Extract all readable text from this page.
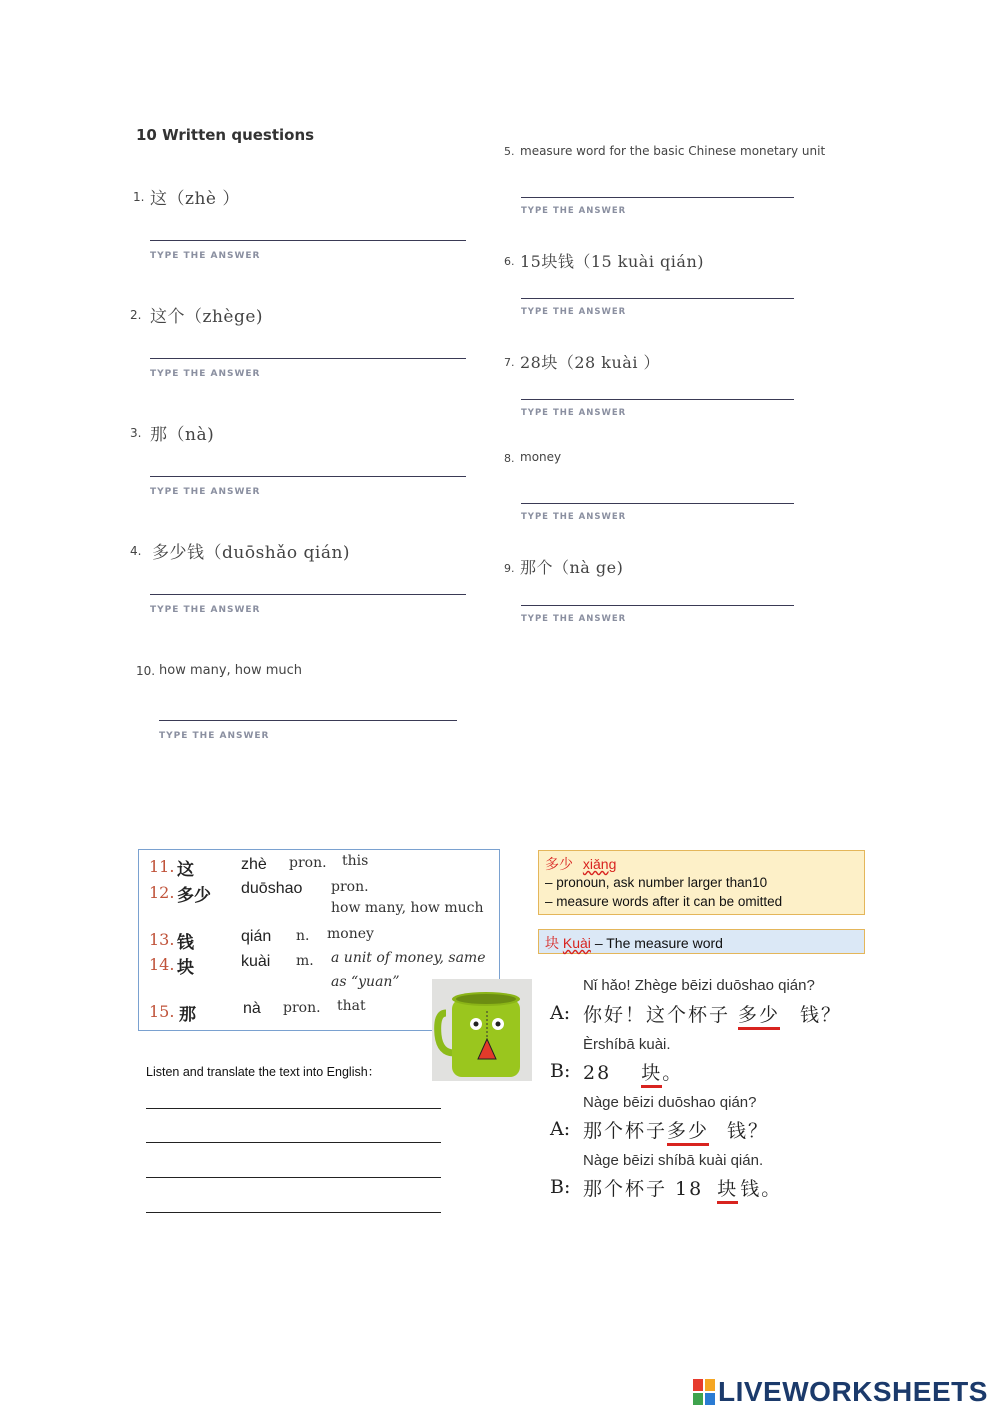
10 Written questions
1. 这（zhè ）
TYPE THE ANSWER
2. 这个（zhège)
TYPE THE ANSWER
3. 那（nà)
TYPE THE ANSWER
4. 多少钱（duōshǎo qián)
TYPE THE ANSWER
10. how many, how much
TYPE THE ANSWER
5. measure word for the basic Chinese monetary unit
TYPE THE ANSWER
6. 15块钱（15 kuài qián)
TYPE THE ANSWER
7. 28块（28 kuài ）
TYPE THE ANSWER
8. money
TYPE THE ANSWER
9. 那个（nà ge)
TYPE THE ANSWER
11. 这	zhè pron. this
12. 多少 duōshao pron.
how many, how much
13. 钱	qián n. money
14. 块	kuài m. a unit of money, same
as “yuan”
15. 那	nà pron. that
Listen and translate the text into English：
多少 xiǎng
– pronoun, ask number larger than10
– measure words after it can be omitted
块 Kuài – The measure word
Nǐ hǎo! Zhège bēizi duōshao qián?
A: 你好！这个杯子 多少 钱？
Èrshíbā kuài.
B: 28 块。
Nàge bēizi duōshao qián?
A: 那个杯子多少 钱？
Nàge bēizi shíbā kuài qián.
B: 那个杯子 18 块 钱。
LIVEWORKSHEETS
